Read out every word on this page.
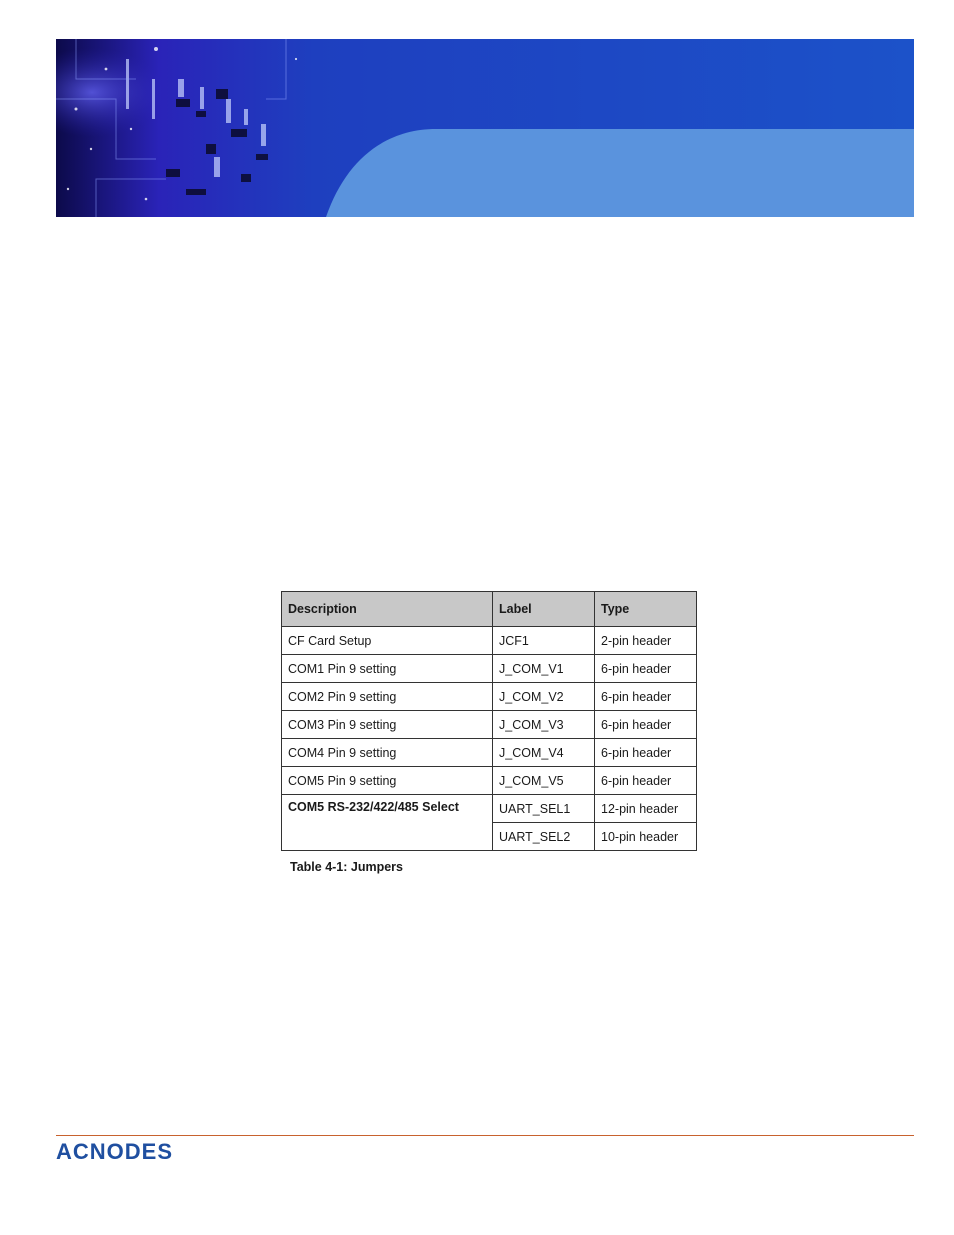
Description	Label	Type
CF Card Setup	JCF1	2-pin header
COM1 Pin 9 setting	J_COM_V1	6-pin header
COM2 Pin 9 setting	J_COM_V2	6-pin header
COM3 Pin 9 setting	J_COM_V3	6-pin header
COM4 Pin 9 setting	J_COM_V4	6-pin header
COM5 Pin 9 setting	J_COM_V5	6-pin header
COM5 RS-232/422/485 Select	UART_SEL1	12-pin header
	UART_SEL2	10-pin header
Table 4-1: Jumpers
ACNODES
